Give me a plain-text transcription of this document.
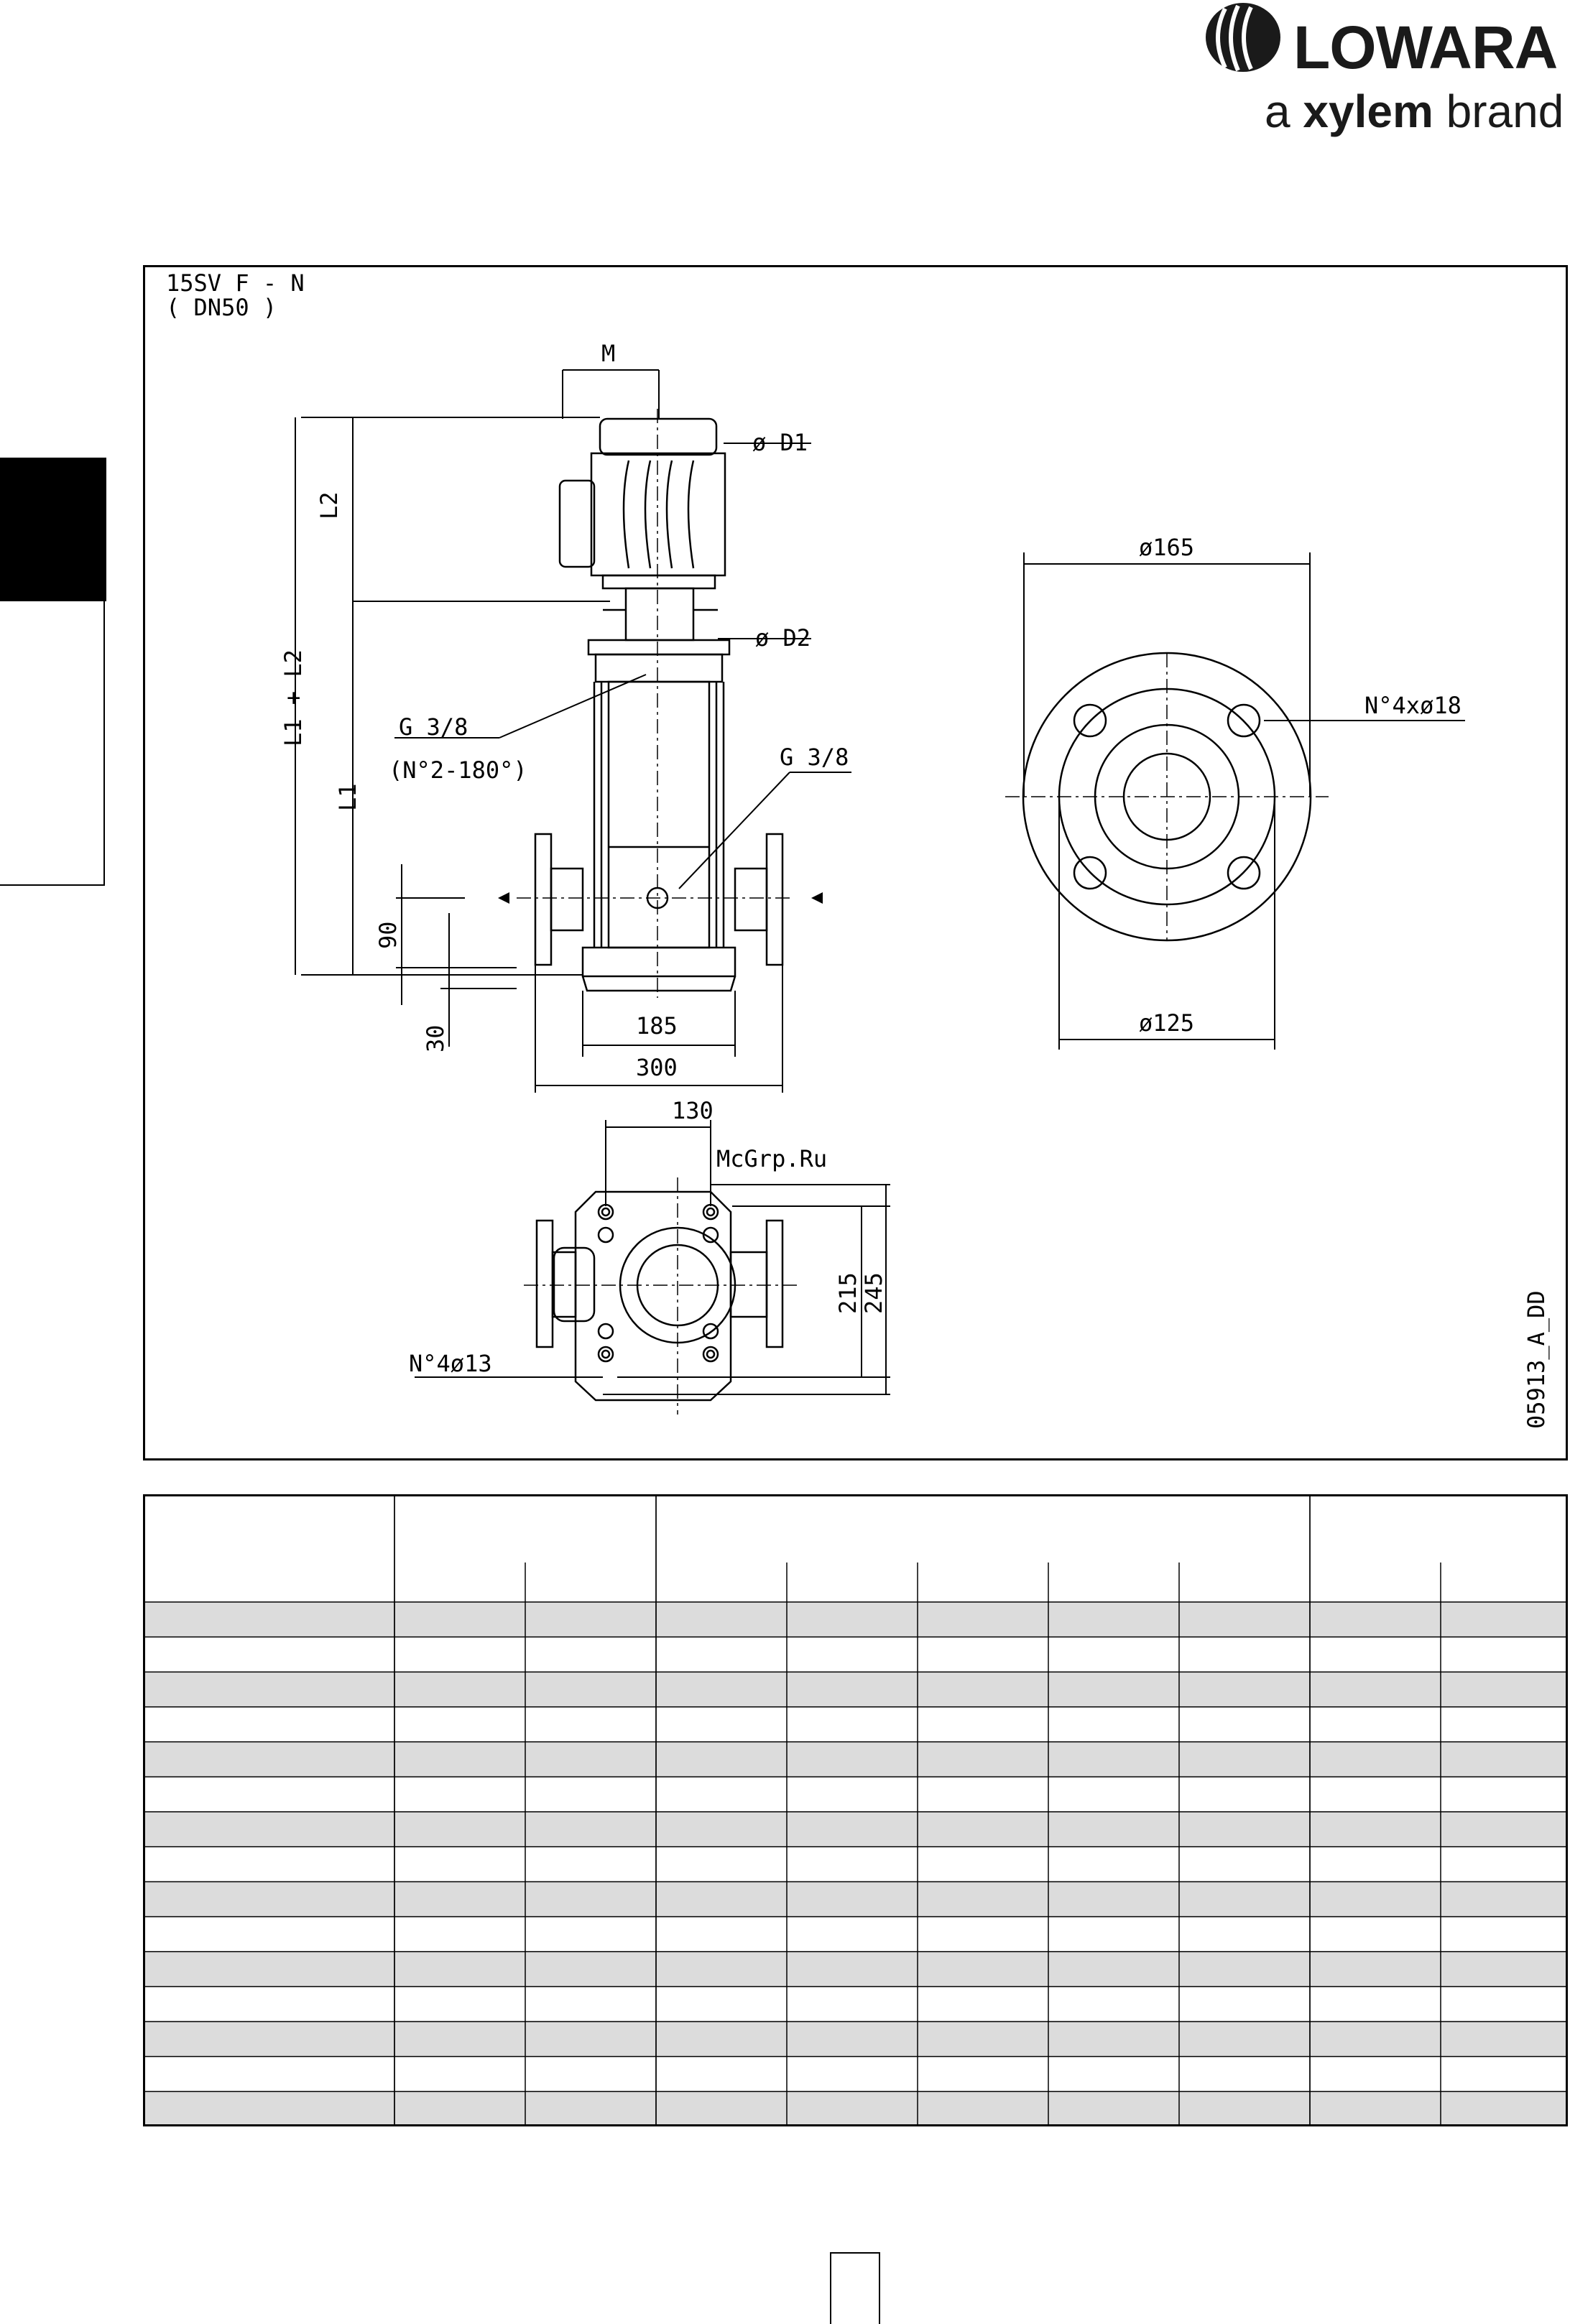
LOWARA
a xylem brand
15SV F - N
( DN50 )
M
ø D1
ø D2
L2
L1 + L2
L1
G 3/8
(N°2-180°)	G 3/8
90
30	185
300
130
215
245
N°4ø13
ø165
ø125
N°4xø18
05913_A_DD
McGrp.Ru
